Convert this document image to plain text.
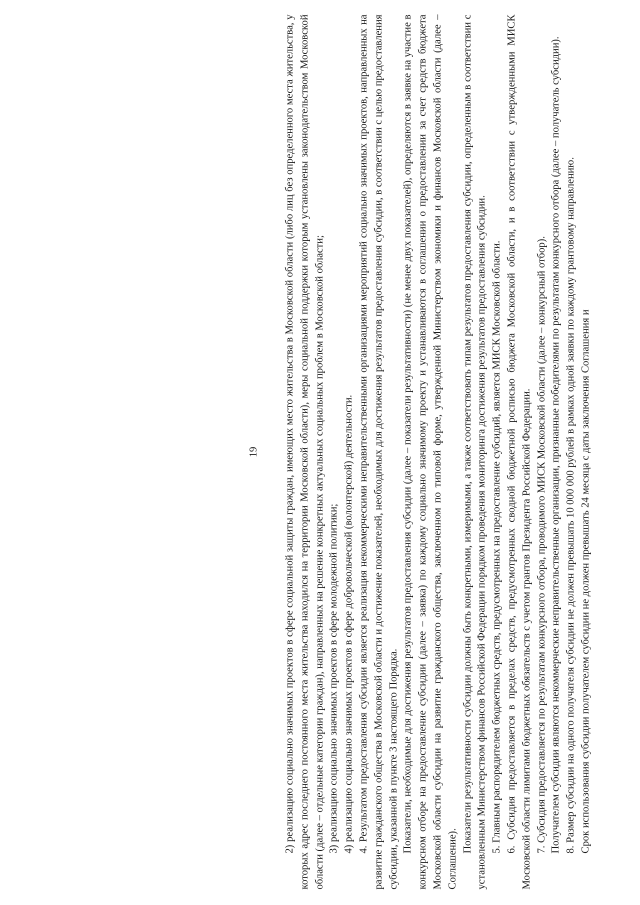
19 2) реализацию социально значимых проектов в сфере социальной защиты граждан, имеющих место жительства в Московской области (либо лиц без определенного места жительства, у которых адрес последнего постоянного места жительства находился на территории Московской области), меры социальной поддержки которым установлены законодательством Московской области (далее – отдельные категории граждан), направленных на решение конкретных актуальных социальных проблем в Московской области; 3) реализацию социально значимых проектов в сфере молодежной политики; 4) реализацию социально значимых проектов в сфере добровольческой (волонтерской) деятельности. 4. Результатом предоставления субсидии является реализация некоммерческими неправительственными организациями мероприятий социально значимых проектов, направленных на развитие гражданского общества в Московской области и достижение показателей, необходимых для достижения результатов предоставления субсидии, в соответствии с целью предоставления субсидии, указанной в пункте 3 настоящего Порядка. Показатели, необходимые для достижения результатов предоставления субсидии (далее – показатели результативности) (не менее двух показателей), определяются в заявке на участие в конкурсном отборе на предоставление субсидии (далее – заявка) по каждому социально значимому проекту и устанавливаются в соглашении о предоставлении за счет средств бюджета Московской области субсидии на развитие гражданского общества, заключенном по типовой форме, утвержденной Министерством экономики и финансов Московской области (далее – Соглашение).

Показатели результативности субсидии должны быть конкретными, измеримыми, а также соответствовать типам результатов предоставления субсидии, определенным в соответствии с установленным Министерством финансов Российской Федерации порядком проведения мониторинга достижения результатов предоставления субсидии. 5. Главным распорядителем бюджетных средств, предусмотренных на предоставление субсидий, является МИСК Московской области. 6. Субсидия предоставляется в пределах средств, предусмотренных сводной бюджетной росписью бюджета Московской области, и в соответствии с утвержденными МИСК Московской области лимитами бюджетных обязательств с учетом грантов Президента Российской Федерации. 7. Субсидия предоставляется по результатам конкурсного отбора, проводимого МИСК Московской области (далее – конкурсный отбор). Получателем субсидии являются некоммерческие неправительственные организации, признанные победителями по результатам конкурсного отбора (далее – получатель субсидии). 8. Размер субсидии на одного получателя субсидии не должен превышать 10 000 000 рублей в рамках одной заявки по каждому грантовому направлению. Срок использования субсидии получателем субсидии не должен превышать 24 месяца с даты заключения Соглашения и
